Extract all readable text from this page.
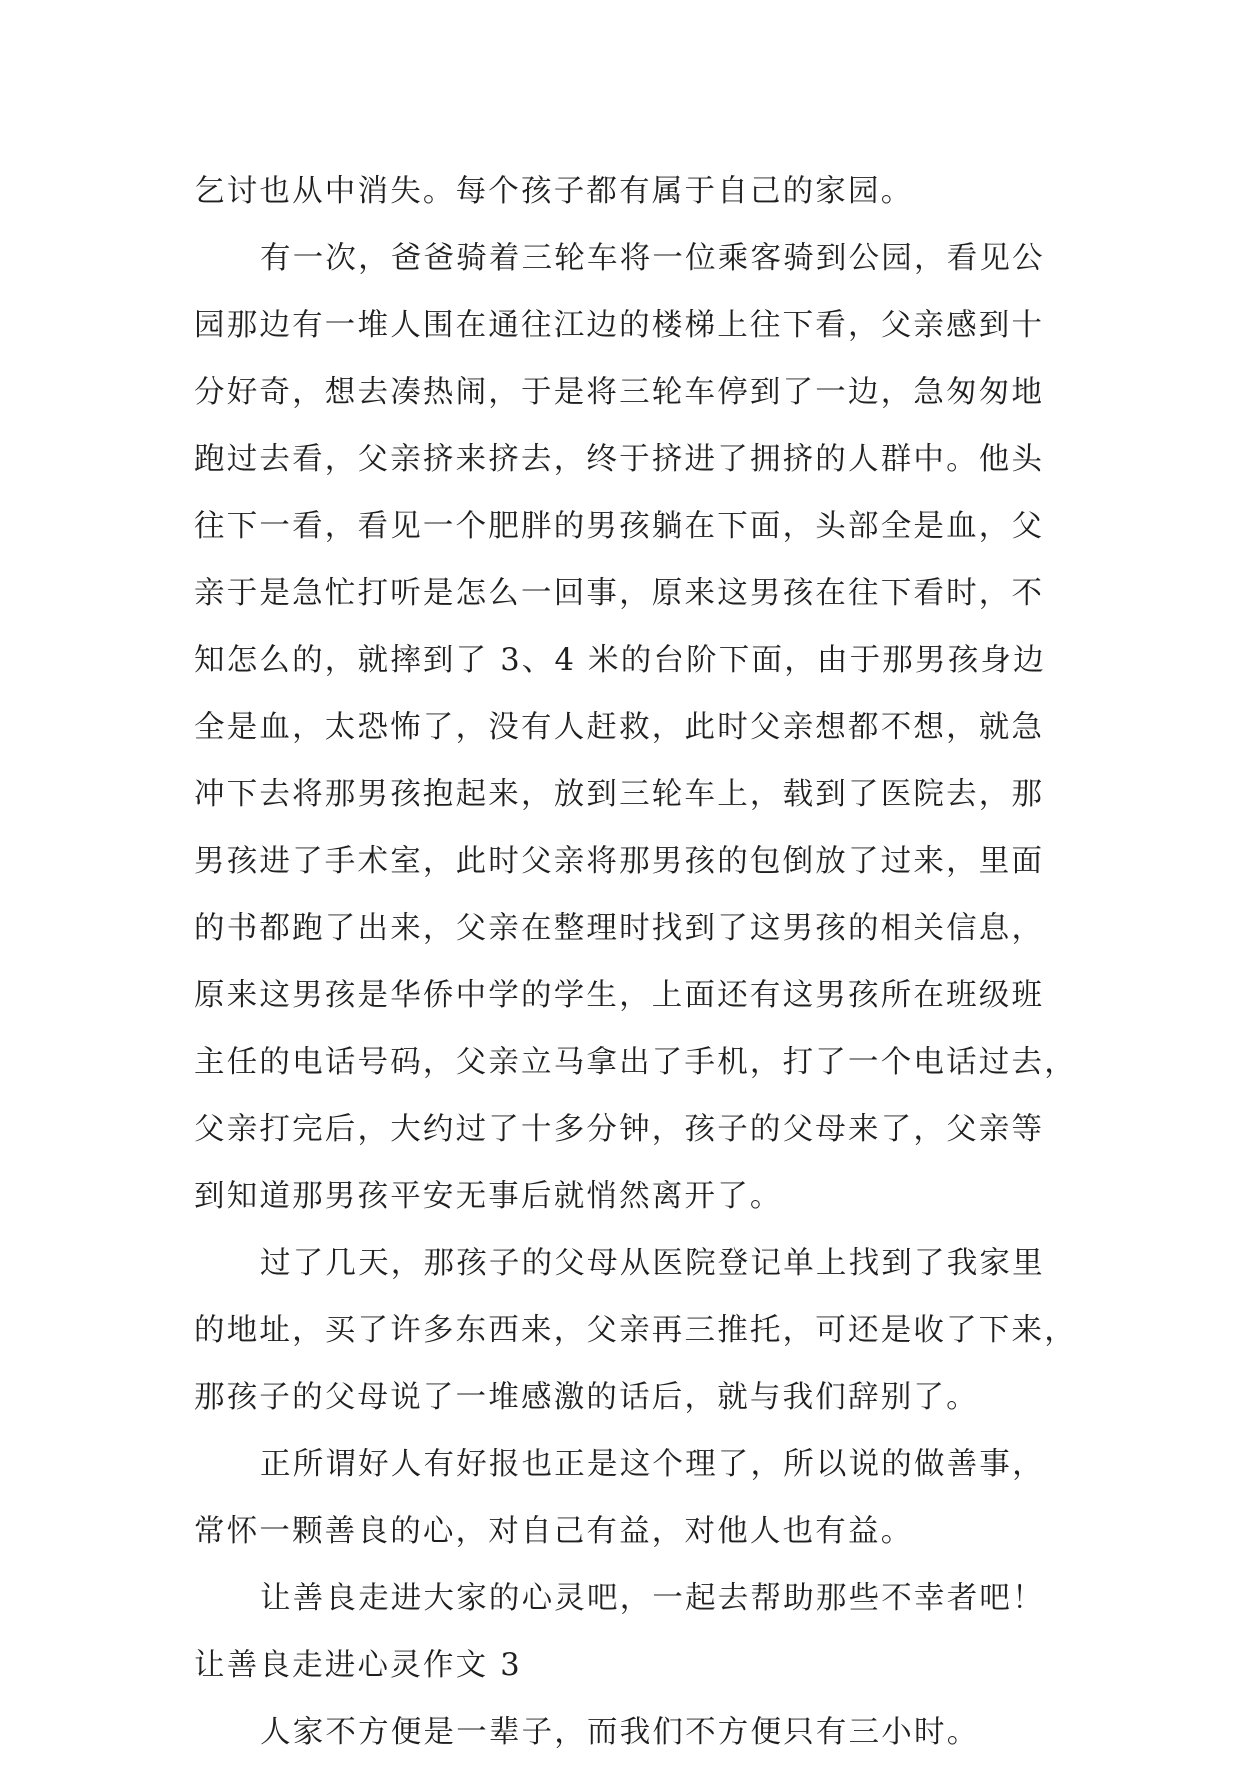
乞讨也从中消失。每个孩子都有属于自己的家园。
有一次，爸爸骑着三轮车将一位乘客骑到公园，看见公
园那边有一堆人围在通往江边的楼梯上往下看，父亲感到十
分好奇，想去凑热闹，于是将三轮车停到了一边，急匆匆地
跑过去看，父亲挤来挤去，终于挤进了拥挤的人群中。他头
往下一看，看见一个肥胖的男孩躺在下面，头部全是血，父
亲于是急忙打听是怎么一回事，原来这男孩在往下看时，不
知怎么的，就摔到了 3、4 米的台阶下面，由于那男孩身边
全是血，太恐怖了，没有人赶救，此时父亲想都不想，就急
冲下去将那男孩抱起来，放到三轮车上，载到了医院去，那
男孩进了手术室，此时父亲将那男孩的包倒放了过来，里面
的书都跑了出来，父亲在整理时找到了这男孩的相关信息，
原来这男孩是华侨中学的学生，上面还有这男孩所在班级班
主任的电话号码，父亲立马拿出了手机，打了一个电话过去，
父亲打完后，大约过了十多分钟，孩子的父母来了，父亲等
到知道那男孩平安无事后就悄然离开了。
过了几天，那孩子的父母从医院登记单上找到了我家里
的地址，买了许多东西来，父亲再三推托，可还是收了下来，
那孩子的父母说了一堆感激的话后，就与我们辞别了。
正所谓好人有好报也正是这个理了，所以说的做善事，
常怀一颗善良的心，对自己有益，对他人也有益。
让善良走进大家的心灵吧，一起去帮助那些不幸者吧！
让善良走进心灵作文 3
人家不方便是一辈子，而我们不方便只有三小时。
